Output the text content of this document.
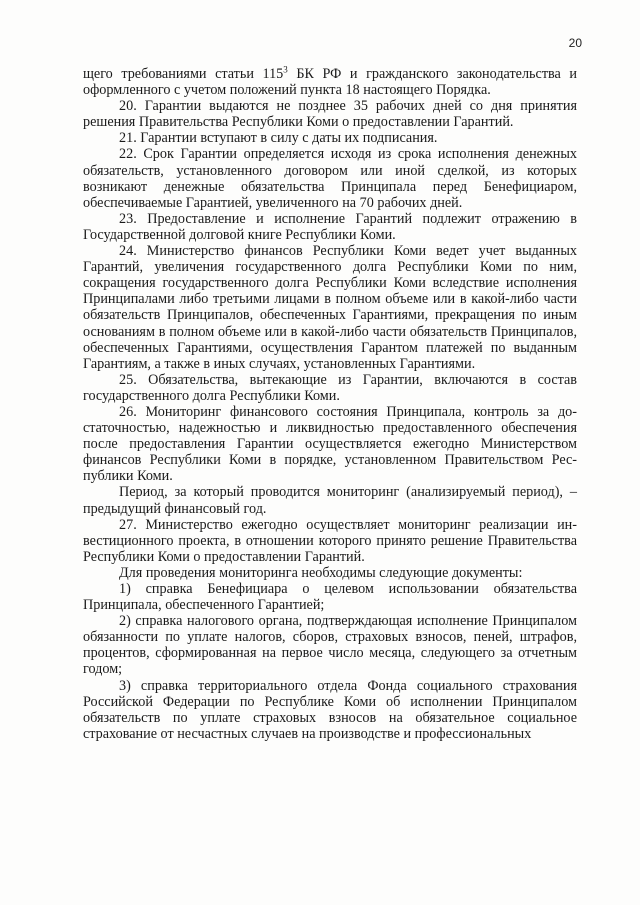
20

щего требованиями статьи $115^3$ БК РФ и гражданского законодательства и оформленного с учетом положений пункта 18 настоящего Порядка.

20. Гарантии выдаются не позднее 35 рабочих дней со дня принятия решения Правительства Республики Коми о предоставлении Гарантий.

21. Гарантии вступают в силу с даты их подписания.

22. Срок Гарантии определяется исходя из срока исполнения денежных обязательств, установленного договором или иной сделкой, из которых возникают денежные обязательства Принципала перед Бенефициаром, обеспечиваемые Гарантией, увеличенного на 70 рабочих дней.

23. Предоставление и исполнение Гарантий подлежит отражению в Государственной долговой книге Республики Коми.

24. Министерство финансов Республики Коми ведет учет выданных Гарантий, увеличения государственного долга Республики Коми по ним, сокращения государственного долга Республики Коми вследствие исполнения Принципалами либо третьими лицами в полном объеме или в какой-либо части обязательств Принципалов, обеспеченных Гарантиями, прекращения по иным основаниям в полном объеме или в какой-либо части обязательств Принципалов, обеспеченных Гарантиями, осуществления Гарантом платежей по выданным Гарантиям, а также в иных случаях, установленных Гарантиями.

25. Обязательства, вытекающие из Гарантии, включаются в состав государственного долга Республики Коми.

26. Мониторинг финансового состояния Принципала, контроль за достаточностью, надежностью и ликвидностью предоставленного обеспечения после предоставления Гарантии осуществляется ежегодно Министерством финансов Республики Коми в порядке, установленном Правительством Республики Коми.

Период, за который проводится мониторинг (анализируемый период), – предыдущий финансовый год.

27. Министерство ежегодно осуществляет мониторинг реализации инвестиционного проекта, в отношении которого принято решение Правительства Республики Коми о предоставлении Гарантий.

Для проведения мониторинга необходимы следующие документы:

1) справка Бенефициара о целевом использовании обязательства Принципала, обеспеченного Гарантией;

2) справка налогового органа, подтверждающая исполнение Принципалом обязанности по уплате налогов, сборов, страховых взносов, пеней, штрафов, процентов, сформированная на первое число месяца, следующего за отчетным годом;

3) справка территориального отдела Фонда социального страхования Российской Федерации по Республике Коми об исполнении Принципалом обязательств по уплате страховых взносов на обязательное социальное страхование от несчастных случаев на производстве и профессиональных
